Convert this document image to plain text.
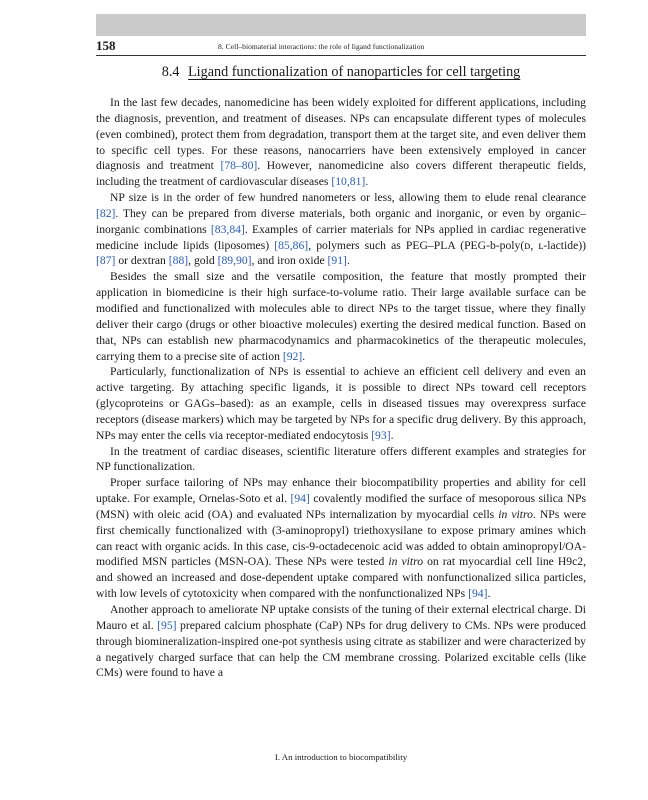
158	8. Cell–biomaterial interactions: the role of ligand functionalization
8.4 Ligand functionalization of nanoparticles for cell targeting

In the last few decades, nanomedicine has been widely exploited for different applications, including the diagnosis, prevention, and treatment of diseases. NPs can encapsulate different types of molecules (even combined), protect them from degradation, transport them at the target site, and even deliver them to specific cell types. For these reasons, nanocarriers have been extensively employed in cancer diagnosis and treatment [78–80]. However, nanomedicine also covers different therapeutic fields, including the treatment of cardiovascular diseases [10,81].

NP size is in the order of few hundred nanometers or less, allowing them to elude renal clearance [82]. They can be prepared from diverse materials, both organic and inorganic, or even by organic–inorganic combinations [83,84]. Examples of carrier materials for NPs applied in cardiac regenerative medicine include lipids (liposomes) [85,86], polymers such as PEG–PLA (PEG-b-poly(ᴅ, ʟ-lactide)) [87] or dextran [88], gold [89,90], and iron oxide [91].

Besides the small size and the versatile composition, the feature that mostly prompted their application in biomedicine is their high surface-to-volume ratio. Their large available surface can be modified and functionalized with molecules able to direct NPs to the target tissue, where they finally deliver their cargo (drugs or other bioactive molecules) exerting the desired medical function. Based on that, NPs can establish new pharmacodynamics and pharmacokinetics of the therapeutic molecules, carrying them to a precise site of action [92].

Particularly, functionalization of NPs is essential to achieve an efficient cell delivery and even an active targeting. By attaching specific ligands, it is possible to direct NPs toward cell receptors (glycoproteins or GAGs–based): as an example, cells in diseased tissues may overexpress surface receptors (disease markers) which may be targeted by NPs for a specific drug delivery. By this approach, NPs may enter the cells via receptor-mediated endocytosis [93].

In the treatment of cardiac diseases, scientific literature offers different examples and strategies for NP functionalization.

Proper surface tailoring of NPs may enhance their biocompatibility properties and ability for cell uptake. For example, Ornelas-Soto et al. [94] covalently modified the surface of mesoporous silica NPs (MSN) with oleic acid (OA) and evaluated NPs internalization by myocardial cells in vitro. NPs were first chemically functionalized with (3-aminopropyl) triethoxysilane to expose primary amines which can react with organic acids. In this case, cis-9-octadecenoic acid was added to obtain aminopropyl/OA-modified MSN particles (MSN-OA). These NPs were tested in vitro on rat myocardial cell line H9c2, and showed an increased and dose-dependent uptake compared with nonfunctionalized silica particles, with low levels of cytotoxicity when compared with the nonfunctionalized NPs [94].

Another approach to ameliorate NP uptake consists of the tuning of their external electrical charge. Di Mauro et al. [95] prepared calcium phosphate (CaP) NPs for drug delivery to CMs. NPs were produced through biomineralization-inspired one-pot synthesis using citrate as stabilizer and were characterized by a negatively charged surface that can help the CM membrane crossing. Polarized excitable cells (like CMs) were found to have a

I. An introduction to biocompatibility
